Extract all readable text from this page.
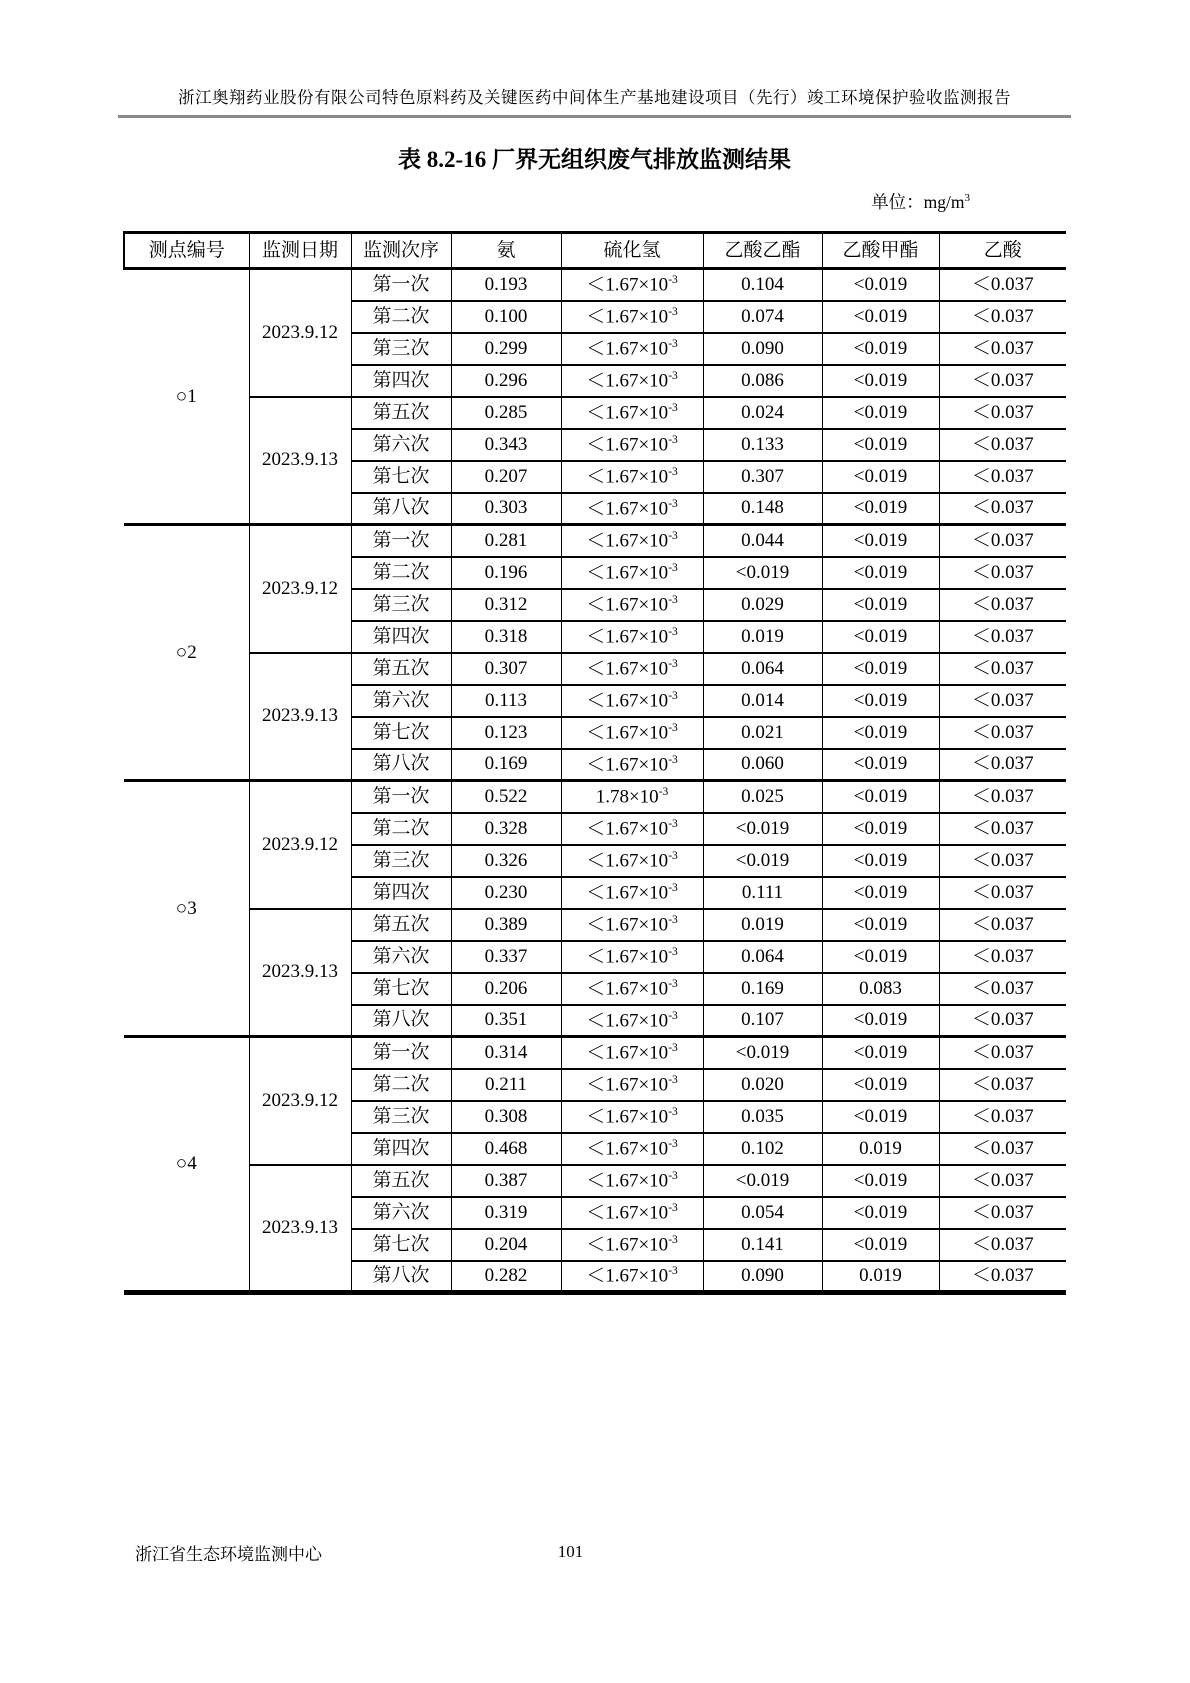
浙江奥翔药业股份有限公司特色原料药及关键医药中间体生产基地建设项目（先行）竣工环境保护验收监测报告
表 8.2-16 厂界无组织废气排放监测结果
单位：$mg/m^3$
测点编号	监测日期	监测次序	氨	硫化氢	乙酸乙酯	乙酸甲酯	乙酸
○1	2023.9.12	第一次	0.193	$<1.67\times 10^{-3}$	0.104	<0.019	＜0.037
		第二次	0.100	$<1.67\times 10^{-3}$	0.074	<0.019	＜0.037
		第三次	0.299	$<1.67\times 10^{-3}$	0.090	<0.019	＜0.037
		第四次	0.296	$<1.67\times 10^{-3}$	0.086	<0.019	＜0.037
	2023.9.13	第五次	0.285	$<1.67\times 10^{-3}$	0.024	<0.019	＜0.037
		第六次	0.343	$<1.67\times 10^{-3}$	0.133	<0.019	＜0.037
		第七次	0.207	$<1.67\times 10^{-3}$	0.307	<0.019	＜0.037
		第八次	0.303	$<1.67\times 10^{-3}$	0.148	<0.019	＜0.037
○2	2023.9.12	第一次	0.281	$<1.67\times 10^{-3}$	0.044	<0.019	＜0.037
		第二次	0.196	$<1.67\times 10^{-3}$	<0.019	<0.019	＜0.037
		第三次	0.312	$<1.67\times 10^{-3}$	0.029	<0.019	＜0.037
		第四次	0.318	$<1.67\times 10^{-3}$	0.019	<0.019	＜0.037
	2023.9.13	第五次	0.307	$<1.67\times 10^{-3}$	0.064	<0.019	＜0.037
		第六次	0.113	$<1.67\times 10^{-3}$	0.014	<0.019	＜0.037
		第七次	0.123	$<1.67\times 10^{-3}$	0.021	<0.019	＜0.037
		第八次	0.169	$<1.67\times 10^{-3}$	0.060	<0.019	＜0.037
○3	2023.9.12	第一次	0.522	$1.78\times 10^{-3}$	0.025	<0.019	＜0.037
		第二次	0.328	$<1.67\times 10^{-3}$	<0.019	<0.019	＜0.037
		第三次	0.326	$<1.67\times 10^{-3}$	<0.019	<0.019	＜0.037
		第四次	0.230	$<1.67\times 10^{-3}$	0.111	<0.019	＜0.037
	2023.9.13	第五次	0.389	$<1.67\times 10^{-3}$	0.019	<0.019	＜0.037
		第六次	0.337	$<1.67\times 10^{-3}$	0.064	<0.019	＜0.037
		第七次	0.206	$<1.67\times 10^{-3}$	0.169	0.083	＜0.037
		第八次	0.351	$<1.67\times 10^{-3}$	0.107	<0.019	＜0.037
○4	2023.9.12	第一次	0.314	$<1.67\times 10^{-3}$	<0.019	<0.019	＜0.037
		第二次	0.211	$<1.67\times 10^{-3}$	0.020	<0.019	＜0.037
		第三次	0.308	$<1.67\times 10^{-3}$	0.035	<0.019	＜0.037
		第四次	0.468	$<1.67\times 10^{-3}$	0.102	0.019	＜0.037
	2023.9.13	第五次	0.387	$<1.67\times 10^{-3}$	<0.019	<0.019	＜0.037
		第六次	0.319	$<1.67\times 10^{-3}$	0.054	<0.019	＜0.037
		第七次	0.204	$<1.67\times 10^{-3}$	0.141	<0.019	＜0.037
		第八次	0.282	$<1.67\times 10^{-3}$	0.090	0.019	＜0.037
浙江省生态环境监测中心	101
